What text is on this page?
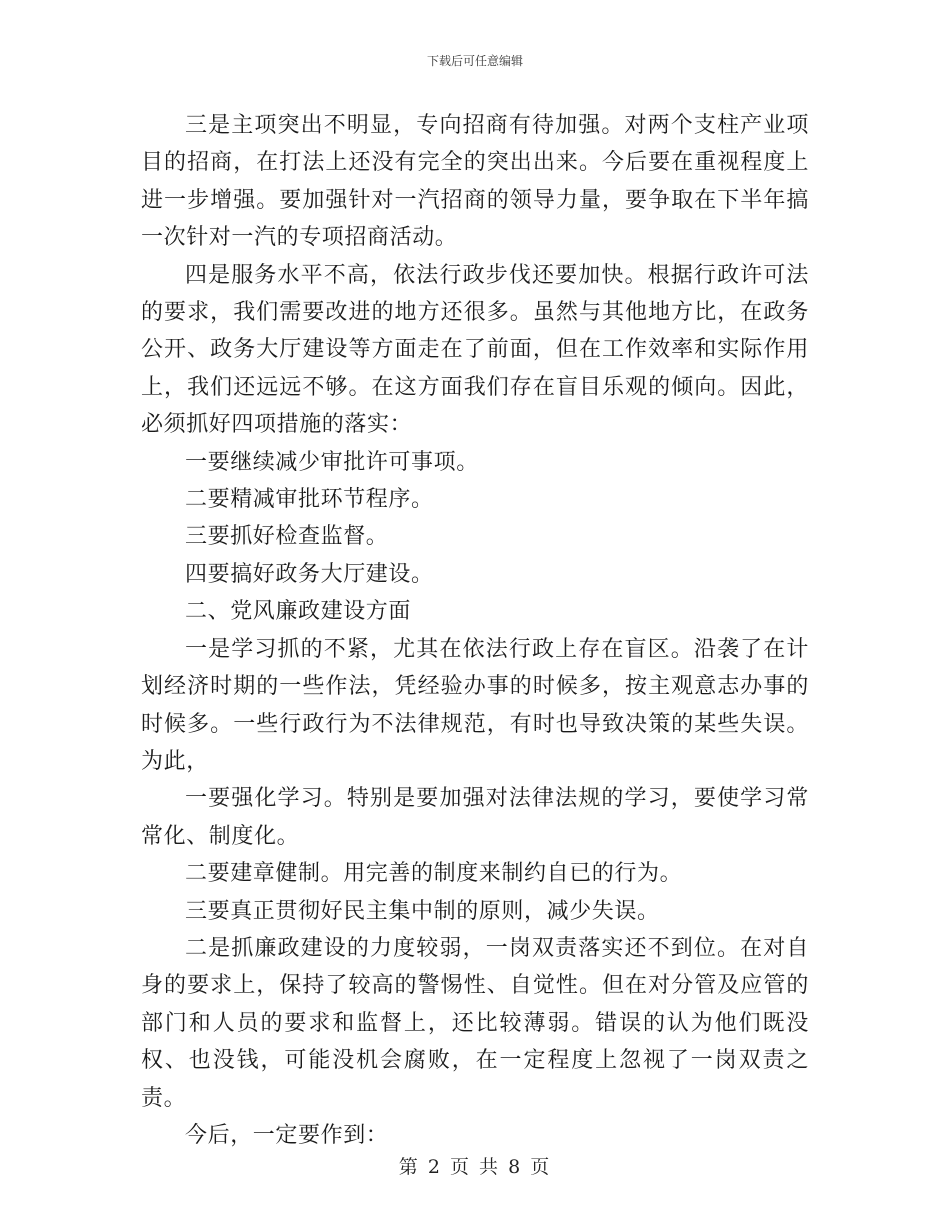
下载后可任意编辑

三是主项突出不明显，专向招商有待加强。对两个支柱产业项目的招商，在打法上还没有完全的突出出来。今后要在重视程度上进一步增强。要加强针对一汽招商的领导力量，要争取在下半年搞一次针对一汽的专项招商活动。

四是服务水平不高，依法行政步伐还要加快。根据行政许可法的要求，我们需要改进的地方还很多。虽然与其他地方比，在政务公开、政务大厅建设等方面走在了前面，但在工作效率和实际作用上，我们还远远不够。在这方面我们存在盲目乐观的倾向。因此，必须抓好四项措施的落实：

一要继续减少审批许可事项。

二要精减审批环节程序。

三要抓好检查监督。

四要搞好政务大厅建设。

二、党风廉政建设方面

一是学习抓的不紧，尤其在依法行政上存在盲区。沿袭了在计划经济时期的一些作法，凭经验办事的时候多，按主观意志办事的时候多。一些行政行为不法律规范，有时也导致决策的某些失误。为此，

一要强化学习。特别是要加强对法律法规的学习，要使学习常常化、制度化。

二要建章健制。用完善的制度来制约自已的行为。

三要真正贯彻好民主集中制的原则，减少失误。

二是抓廉政建设的力度较弱，一岗双责落实还不到位。在对自身的要求上，保持了较高的警惕性、自觉性。但在对分管及应管的部门和人员的要求和监督上，还比较薄弱。错误的认为他们既没权、也没钱，可能没机会腐败，在一定程度上忽视了一岗双责之责。

今后，一定要作到：

第 2 页 共 8 页
